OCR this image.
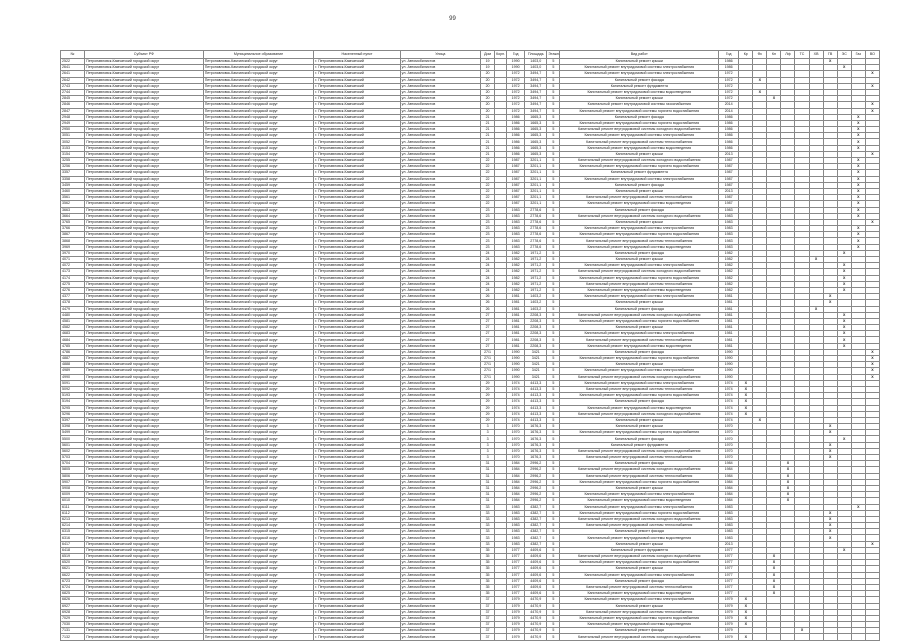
99
№	Субъект РФ	Муниципальное образование	Населенный пункт	Улица	Дом	Корп.	Год	Площадь	Этажн.	Вид работ	Год	Кр	Фс	Кп	Лф	ТС	ХВ	ГВ	ЭС	Газ	ВО
2522	Петропавловск-Камчатский городской округ	Петропавловск-Камчатский городской округ	г. Петропавловск-Камчатский	ул. Автомобилистов	19		1990	1403,0	5	Капитальный ремонт крыши	1986							X			
2641	Петропавловск-Камчатский городской округ	Петропавловск-Камчатский городской округ	г. Петропавловск-Камчатский	ул. Автомобилистов	19		1990	1403,0	5	Капитальный ремонт внутридомовой системы электроснабжения	1986								X		
2641	Петропавловск-Камчатский городской округ	Петропавловск-Камчатский городской округ	г. Петропавловск-Камчатский	ул. Автомобилистов	20		1972	3494,7	5	Капитальный ремонт внутридомовой системы электроснабжения	1972										X
2642	Петропавловск-Камчатский городской округ	Петропавловск-Камчатский городской округ	г. Петропавловск-Камчатский	ул. Автомобилистов	20		1972	3494,7	5	Капитальный ремонт фасада	1972		X								
2743	Петропавловск-Камчатский городской округ	Петропавловск-Камчатский городской округ	г. Петропавловск-Камчатский	ул. Автомобилистов	20		1972	3494,7	5	Капитальный ремонт фундамента	1972										X
2744	Петропавловск-Камчатский городской округ	Петропавловск-Камчатский городской округ	г. Петропавловск-Камчатский	ул. Автомобилистов	20		1972	3494,7	5	Капитальный ремонт внутридомовой системы водоотведения	1972		X								
2845	Петропавловск-Камчатский городской округ	Петропавловск-Камчатский городской округ	г. Петропавловск-Камчатский	ул. Автомобилистов	20		1972	3494,7	5	Капитальный ремонт крыши	1972			X							
2846	Петропавловск-Камчатский городской округ	Петропавловск-Камчатский городской округ	г. Петропавловск-Камчатский	ул. Автомобилистов	20		1972	3494,7	5	Капитальный ремонт внутридомовой системы газоснабжения	2014										X
2847	Петропавловск-Камчатский городской округ	Петропавловск-Камчатский городской округ	г. Петропавловск-Камчатский	ул. Автомобилистов	20		1972	3494,7	5	Капитальный ремонт внутридомовой системы горячего водоснабжения	2014										X
2948	Петропавловск-Камчатский городской округ	Петропавловск-Камчатский городской округ	г. Петропавловск-Камчатский	ул. Автомобилистов	21		1986	1665,3	5	Капитальный ремонт фасада	1986									X	
2949	Петропавловск-Камчатский городской округ	Петропавловск-Камчатский городской округ	г. Петропавловск-Камчатский	ул. Автомобилистов	21		1986	1665,3	5	Капитальный ремонт внутридомовой системы горячего водоснабжения	1986									X	
2950	Петропавловск-Камчатский городской округ	Петропавловск-Камчатский городской округ	г. Петропавловск-Камчатский	ул. Автомобилистов	21		1986	1665,3	5	Капитальный ремонт внутридомовой системы холодного водоснабжения	1986									X	
3051	Петропавловск-Камчатский городской округ	Петропавловск-Камчатский городской округ	г. Петропавловск-Камчатский	ул. Автомобилистов	21		1986	1665,3	5	Капитальный ремонт внутридомовой системы электроснабжения	1986									X	
3052	Петропавловск-Камчатский городской округ	Петропавловск-Камчатский городской округ	г. Петропавловск-Камчатский	ул. Автомобилистов	21		1986	1665,3	5	Капитальный ремонт внутридомовой системы теплоснабжения	1986									X	
3153	Петропавловск-Камчатский городской округ	Петропавловск-Камчатский городской округ	г. Петропавловск-Камчатский	ул. Автомобилистов	21		1986	1665,3	5	Капитальный ремонт внутридомовой системы водоотведения	1986									X	
3154	Петропавловск-Камчатский городской округ	Петропавловск-Камчатский городской округ	г. Петропавловск-Камчатский	ул. Автомобилистов	21		1986	1665,3	5	Капитальный ремонт крыши	2013										X
3255	Петропавловск-Камчатский городской округ	Петропавловск-Камчатский городской округ	г. Петропавловск-Камчатский	ул. Автомобилистов	22		1987	3201,1	5	Капитальный ремонт внутридомовой системы холодного водоснабжения	1987									X	
3256	Петропавловск-Камчатский городской округ	Петропавловск-Камчатский городской округ	г. Петропавловск-Камчатский	ул. Автомобилистов	22		1987	3201,1	5	Капитальный ремонт внутридомовой системы горячего водоснабжения	1987									X	
3357	Петропавловск-Камчатский городской округ	Петропавловск-Камчатский городской округ	г. Петропавловск-Камчатский	ул. Автомобилистов	22		1987	3201,1	5	Капитальный ремонт фундамента	1987									X	
3358	Петропавловск-Камчатский городской округ	Петропавловск-Камчатский городской округ	г. Петропавловск-Камчатский	ул. Автомобилистов	22		1987	3201,1	5	Капитальный ремонт внутридомовой системы электроснабжения	1987									X	
3459	Петропавловск-Камчатский городской округ	Петропавловск-Камчатский городской округ	г. Петропавловск-Камчатский	ул. Автомобилистов	22		1987	3201,1	5	Капитальный ремонт фасада	1987									X	
3460	Петропавловск-Камчатский городской округ	Петропавловск-Камчатский городской округ	г. Петропавловск-Камчатский	ул. Автомобилистов	22		1987	3201,1	5	Капитальный ремонт крыши	2013									X	
3561	Петропавловск-Камчатский городской округ	Петропавловск-Камчатский городской округ	г. Петропавловск-Камчатский	ул. Автомобилистов	22		1987	3201,1	5	Капитальный ремонт внутридомовой системы теплоснабжения	1987									X	
3562	Петропавловск-Камчатский городской округ	Петропавловск-Камчатский городской округ	г. Петропавловск-Камчатский	ул. Автомобилистов	22		1987	3201,1	5	Капитальный ремонт внутридомовой системы водоотведения	1987									X	
3663	Петропавловск-Камчатский городской округ	Петропавловск-Камчатский городской округ	г. Петропавловск-Камчатский	ул. Автомобилистов	23		1983	2778,6	5	Капитальный ремонт фасада	1983									X	
3664	Петропавловск-Камчатский городской округ	Петропавловск-Камчатский городской округ	г. Петропавловск-Камчатский	ул. Автомобилистов	23		1983	2778,6	5	Капитальный ремонт внутридомовой системы холодного водоснабжения	1983									X	
3765	Петропавловск-Камчатский городской округ	Петропавловск-Камчатский городской округ	г. Петропавловск-Камчатский	ул. Автомобилистов	23		1983	2778,6	5	Капитальный ремонт крыши	1983										X
3766	Петропавловск-Камчатский городской округ	Петропавловск-Камчатский городской округ	г. Петропавловск-Камчатский	ул. Автомобилистов	23		1983	2778,6	5	Капитальный ремонт внутридомовой системы электроснабжения	1983									X	
3867	Петропавловск-Камчатский городской округ	Петропавловск-Камчатский городской округ	г. Петропавловск-Камчатский	ул. Автомобилистов	23		1983	2778,6	5	Капитальный ремонт внутридомовой системы горячего водоснабжения	1983									X	
3868	Петропавловск-Камчатский городской округ	Петропавловск-Камчатский городской округ	г. Петропавловск-Камчатский	ул. Автомобилистов	23		1983	2778,6	5	Капитальный ремонт внутридомовой системы теплоснабжения	1983									X	
3969	Петропавловск-Камчатский городской округ	Петропавловск-Камчатский городской округ	г. Петропавловск-Камчатский	ул. Автомобилистов	23		1983	2778,6	5	Капитальный ремонт внутридомовой системы водоотведения	1983									X	
3970	Петропавловск-Камчатский городской округ	Петропавловск-Камчатский городской округ	г. Петропавловск-Камчатский	ул. Автомобилистов	24		1982	1971,2	5	Капитальный ремонт фасада	1982								X		
4071	Петропавловск-Камчатский городской округ	Петропавловск-Камчатский городской округ	г. Петропавловск-Камчатский	ул. Автомобилистов	24		1982	1971,2	5	Капитальный ремонт крыши	1982						X				
4072	Петропавловск-Камчатский городской округ	Петропавловск-Камчатский городской округ	г. Петропавловск-Камчатский	ул. Автомобилистов	24		1982	1971,2	5	Капитальный ремонт внутридомовой системы электроснабжения	1982								X		
4173	Петропавловск-Камчатский городской округ	Петропавловск-Камчатский городской округ	г. Петропавловск-Камчатский	ул. Автомобилистов	24		1982	1971,2	5	Капитальный ремонт внутридомовой системы холодного водоснабжения	1982								X		
4174	Петропавловск-Камчатский городской округ	Петропавловск-Камчатский городской округ	г. Петропавловск-Камчатский	ул. Автомобилистов	24		1982	1971,2	5	Капитальный ремонт внутридомовой системы горячего водоснабжения	1982								X		
4275	Петропавловск-Камчатский городской округ	Петропавловск-Камчатский городской округ	г. Петропавловск-Камчатский	ул. Автомобилистов	24		1982	1971,2	5	Капитальный ремонт внутридомовой системы теплоснабжения	1982								X		
4276	Петропавловск-Камчатский городской округ	Петропавловск-Камчатский городской округ	г. Петропавловск-Камчатский	ул. Автомобилистов	24		1982	1971,2	5	Капитальный ремонт внутридомовой системы водоотведения	1982								X		
4377	Петропавловск-Камчатский городской округ	Петропавловск-Камчатский городской округ	г. Петропавловск-Камчатский	ул. Автомобилистов	26		1981	1403,2	5	Капитальный ремонт внутридомовой системы электроснабжения	1981							X			
4378	Петропавловск-Камчатский городской округ	Петропавловск-Камчатский городской округ	г. Петропавловск-Камчатский	ул. Автомобилистов	26		1981	1403,2	5	Капитальный ремонт крыши	1981							X			
4479	Петропавловск-Камчатский городской округ	Петропавловск-Камчатский городской округ	г. Петропавловск-Камчатский	ул. Автомобилистов	26		1981	1403,2	5	Капитальный ремонт фасада	1981						X				
4480	Петропавловск-Камчатский городской округ	Петропавловск-Камчатский городской округ	г. Петропавловск-Камчатский	ул. Автомобилистов	27		1981	2208,3	5	Капитальный ремонт внутридомовой системы холодного водоснабжения	1981								X		
4581	Петропавловск-Камчатский городской округ	Петропавловск-Камчатский городской округ	г. Петропавловск-Камчатский	ул. Автомобилистов	27		1981	2208,3	5	Капитальный ремонт внутридомовой системы горячего водоснабжения	1981								X		
4582	Петропавловск-Камчатский городской округ	Петропавловск-Камчатский городской округ	г. Петропавловск-Камчатский	ул. Автомобилистов	27		1981	2208,3	5	Капитальный ремонт крыши	1981								X		
4683	Петропавловск-Камчатский городской округ	Петропавловск-Камчатский городской округ	г. Петропавловск-Камчатский	ул. Автомобилистов	27		1981	2208,3	5	Капитальный ремонт внутридомовой системы электроснабжения	1981								X		
4684	Петропавловск-Камчатский городской округ	Петропавловск-Камчатский городской округ	г. Петропавловск-Камчатский	ул. Автомобилистов	27		1981	2208,3	5	Капитальный ремонт внутридомовой системы теплоснабжения	1981								X		
4785	Петропавловск-Камчатский городской округ	Петропавловск-Камчатский городской округ	г. Петропавловск-Камчатский	ул. Автомобилистов	27		1981	2208,3	5	Капитальный ремонт внутридомовой системы водоотведения	1981								X		
4786	Петропавловск-Камчатский городской округ	Петропавловск-Камчатский городской округ	г. Петропавловск-Камчатский	ул. Автомобилистов	27/1		1990	3421	5	Капитальный ремонт фасада	1990										X
4887	Петропавловск-Камчатский городской округ	Петропавловск-Камчатский городской округ	г. Петропавловск-Камчатский	ул. Автомобилистов	27/1		1990	3421	5	Капитальный ремонт внутридомовой системы горячего водоснабжения	1990										X
4888	Петропавловск-Камчатский городской округ	Петропавловск-Камчатский городской округ	г. Петропавловск-Камчатский	ул. Автомобилистов	27/1		1990	3421	5	Капитальный ремонт крыши	1990										X
4989	Петропавловск-Камчатский городской округ	Петропавловск-Камчатский городской округ	г. Петропавловск-Камчатский	ул. Автомобилистов	27/1		1990	3421	5	Капитальный ремонт внутридомовой системы электроснабжения	1990										X
4990	Петропавловск-Камчатский городской округ	Петропавловск-Камчатский городской округ	г. Петропавловск-Камчатский	ул. Автомобилистов	27/1		1990	3421	5	Капитальный ремонт внутридомовой системы холодного водоснабжения	1990										X
5091	Петропавловск-Камчатский городской округ	Петропавловск-Камчатский городской округ	г. Петропавловск-Камчатский	ул. Автомобилистов	29		1974	4413,3	5	Капитальный ремонт внутридомовой системы электроснабжения	1974	X									
5092	Петропавловск-Камчатский городской округ	Петропавловск-Камчатский городской округ	г. Петропавловск-Камчатский	ул. Автомобилистов	29		1974	4413,3	5	Капитальный ремонт внутридомовой системы теплоснабжения	1974	X									
5193	Петропавловск-Камчатский городской округ	Петропавловск-Камчатский городской округ	г. Петропавловск-Камчатский	ул. Автомобилистов	29		1974	4413,3	5	Капитальный ремонт внутридомовой системы горячего водоснабжения	1974	X									
5194	Петропавловск-Камчатский городской округ	Петропавловск-Камчатский городской округ	г. Петропавловск-Камчатский	ул. Автомобилистов	29		1974	4413,3	5	Капитальный ремонт фасада	1974	X									
5295	Петропавловск-Камчатский городской округ	Петропавловск-Камчатский городской округ	г. Петропавловск-Камчатский	ул. Автомобилистов	29		1974	4413,3	5	Капитальный ремонт внутридомовой системы водоотведения	1974	X									
5296	Петропавловск-Камчатский городской округ	Петропавловск-Камчатский городской округ	г. Петропавловск-Камчатский	ул. Автомобилистов	29		1974	4413,3	5	Капитальный ремонт внутридомовой системы холодного водоснабжения	1974	X									
5397	Петропавловск-Камчатский городской округ	Петропавловск-Камчатский городской округ	г. Петропавловск-Камчатский	ул. Автомобилистов	29		1974	4413,3	5	Капитальный ремонт крыши	1974		X								
5398	Петропавловск-Камчатский городской округ	Петропавловск-Камчатский городской округ	г. Петропавловск-Камчатский	ул. Автомобилистов	3		1970	1676,3	5	Капитальный ремонт крыши	1970							X			
5499	Петропавловск-Камчатский городской округ	Петропавловск-Камчатский городской округ	г. Петропавловск-Камчатский	ул. Автомобилистов	3		1970	1676,3	5	Капитальный ремонт внутридомовой системы горячего водоснабжения	1970							X			
5500	Петропавловск-Камчатский городской округ	Петропавловск-Камчатский городской округ	г. Петропавловск-Камчатский	ул. Автомобилистов	3		1970	1676,3	5	Капитальный ремонт фасада	1970								X		
5601	Петропавловск-Камчатский городской округ	Петропавловск-Камчатский городской округ	г. Петропавловск-Камчатский	ул. Автомобилистов	3		1970	1676,3	5	Капитальный ремонт фундамента	1970							X			
5602	Петропавловск-Камчатский городской округ	Петропавловск-Камчатский городской округ	г. Петропавловск-Камчатский	ул. Автомобилистов	3		1970	1676,3	5	Капитальный ремонт внутридомовой системы холодного водоснабжения	1970							X			
5703	Петропавловск-Камчатский городской округ	Петропавловск-Камчатский городской округ	г. Петропавловск-Камчатский	ул. Автомобилистов	3		1970	1676,3	5	Капитальный ремонт внутридомовой системы теплоснабжения	1970							X			
5704	Петропавловск-Камчатский городской округ	Петропавловск-Камчатский городской округ	г. Петропавловск-Камчатский	ул. Автомобилистов	31		1984	2996,2	5	Капитальный ремонт фасада	1984				X						
5805	Петропавловск-Камчатский городской округ	Петропавловск-Камчатский городской округ	г. Петропавловск-Камчатский	ул. Автомобилистов	31		1984	2996,2	5	Капитальный ремонт внутридомовой системы холодного водоснабжения	1984				X						
5806	Петропавловск-Камчатский городской округ	Петропавловск-Камчатский городской округ	г. Петропавловск-Камчатский	ул. Автомобилистов	31		1984	2996,2	5	Капитальный ремонт внутридомовой системы теплоснабжения	1984				X						
5907	Петропавловск-Камчатский городской округ	Петропавловск-Камчатский городской округ	г. Петропавловск-Камчатский	ул. Автомобилистов	31		1984	2996,2	5	Капитальный ремонт внутридомовой системы горячего водоснабжения	1984				X						
5908	Петропавловск-Камчатский городской округ	Петропавловск-Камчатский городской округ	г. Петропавловск-Камчатский	ул. Автомобилистов	31		1984	2996,2	5	Капитальный ремонт крыши	1984				X						
6009	Петропавловск-Камчатский городской округ	Петропавловск-Камчатский городской округ	г. Петропавловск-Камчатский	ул. Автомобилистов	31		1984	2996,2	5	Капитальный ремонт внутридомовой системы электроснабжения	1984				X						
6010	Петропавловск-Камчатский городской округ	Петропавловск-Камчатский городской округ	г. Петропавловск-Камчатский	ул. Автомобилистов	31		1984	2996,2	5	Капитальный ремонт внутридомовой системы водоотведения	1984				X						
6111	Петропавловск-Камчатский городской округ	Петропавловск-Камчатский городской округ	г. Петропавловск-Камчатский	ул. Автомобилистов	33		1983	4382,7	5	Капитальный ремонт внутридомовой системы электроснабжения	1983									X	
6112	Петропавловск-Камчатский городской округ	Петропавловск-Камчатский городской округ	г. Петропавловск-Камчатский	ул. Автомобилистов	33		1983	4382,7	5	Капитальный ремонт внутридомовой системы горячего водоснабжения	1983							X			
6213	Петропавловск-Камчатский городской округ	Петропавловск-Камчатский городской округ	г. Петропавловск-Камчатский	ул. Автомобилистов	33		1983	4382,7	5	Капитальный ремонт внутридомовой системы холодного водоснабжения	1983							X			
6214	Петропавловск-Камчатский городской округ	Петропавловск-Камчатский городской округ	г. Петропавловск-Камчатский	ул. Автомобилистов	33		1983	4382,7	5	Капитальный ремонт внутридомовой системы теплоснабжения	1983							X			
6315	Петропавловск-Камчатский городской округ	Петропавловск-Камчатский городской округ	г. Петропавловск-Камчатский	ул. Автомобилистов	33		1983	4382,7	5	Капитальный ремонт фасада	1983							X			
6316	Петропавловск-Камчатский городской округ	Петропавловск-Камчатский городской округ	г. Петропавловск-Камчатский	ул. Автомобилистов	33		1983	4382,7	5	Капитальный ремонт внутридомовой системы водоотведения	1983							X			
6417	Петропавловск-Камчатский городской округ	Петропавловск-Камчатский городской округ	г. Петропавловск-Камчатский	ул. Автомобилистов	33		1983	4382,7	5	Капитальный ремонт крыши	2013										X
6418	Петропавловск-Камчатский городской округ	Петропавловск-Камчатский городской округ	г. Петропавловск-Камчатский	ул. Автомобилистов	35		1977	4409,6	5	Капитальный ремонт фундамента	1977								X		
6519	Петропавловск-Камчатский городской округ	Петропавловск-Камчатский городской округ	г. Петропавловск-Камчатский	ул. Автомобилистов	35		1977	4409,6	5	Капитальный ремонт внутридомовой системы холодного водоснабжения	1977			X							
6520	Петропавловск-Камчатский городской округ	Петропавловск-Камчатский городской округ	г. Петропавловск-Камчатский	ул. Автомобилистов	35		1977	4409,6	5	Капитальный ремонт внутридомовой системы горячего водоснабжения	1977			X							
6621	Петропавловск-Камчатский городской округ	Петропавловск-Камчатский городской округ	г. Петропавловск-Камчатский	ул. Автомобилистов	35		1977	4409,6	5	Капитальный ремонт крыши	1977			X							
6622	Петропавловск-Камчатский городской округ	Петропавловск-Камчатский городской округ	г. Петропавловск-Камчатский	ул. Автомобилистов	35		1977	4409,6	5	Капитальный ремонт внутридомовой системы электроснабжения	1977			X							
6723	Петропавловск-Камчатский городской округ	Петропавловск-Камчатский городской округ	г. Петропавловск-Камчатский	ул. Автомобилистов	35		1977	4409,6	5	Капитальный ремонт фасада	1977			X							
6724	Петропавловск-Камчатский городской округ	Петропавловск-Камчатский городской округ	г. Петропавловск-Камчатский	ул. Автомобилистов	35		1977	4409,6	5	Капитальный ремонт внутридомовой системы теплоснабжения	1977			X							
6825	Петропавловск-Камчатский городской округ	Петропавловск-Камчатский городской округ	г. Петропавловск-Камчатский	ул. Автомобилистов	35		1977	4409,6	5	Капитальный ремонт внутридомовой системы водоотведения	1977			X							
6826	Петропавловск-Камчатский городской округ	Петропавловск-Камчатский городской округ	г. Петропавловск-Камчатский	ул. Автомобилистов	37		1979	4470,9	5	Капитальный ремонт внутридомовой системы электроснабжения	1979	X									
6927	Петропавловск-Камчатский городской округ	Петропавловск-Камчатский городской округ	г. Петропавловск-Камчатский	ул. Автомобилистов	37		1979	4470,9	5	Капитальный ремонт крыши	1979	X									
6928	Петропавловск-Камчатский городской округ	Петропавловск-Камчатский городской округ	г. Петропавловск-Камчатский	ул. Автомобилистов	37		1979	4470,9	5	Капитальный ремонт внутридомовой системы теплоснабжения	1979	X									
7029	Петропавловск-Камчатский городской округ	Петропавловск-Камчатский городской округ	г. Петропавловск-Камчатский	ул. Автомобилистов	37		1979	4470,9	5	Капитальный ремонт внутридомовой системы горячего водоснабжения	1979	X									
7030	Петропавловск-Камчатский городской округ	Петропавловск-Камчатский городской округ	г. Петропавловск-Камчатский	ул. Автомобилистов	37		1979	4470,9	5	Капитальный ремонт внутридомовой системы водоотведения	1979	X									
7131	Петропавловск-Камчатский городской округ	Петропавловск-Камчатский городской округ	г. Петропавловск-Камчатский	ул. Автомобилистов	37		1979	4470,9	5	Капитальный ремонт фасада	1979					X					
7132	Петропавловск-Камчатский городской округ	Петропавловск-Камчатский городской округ	г. Петропавловск-Камчатский	ул. Автомобилистов	37		1979	4470,9	5	Капитальный ремонт внутридомовой системы холодного водоснабжения	1979	X									
